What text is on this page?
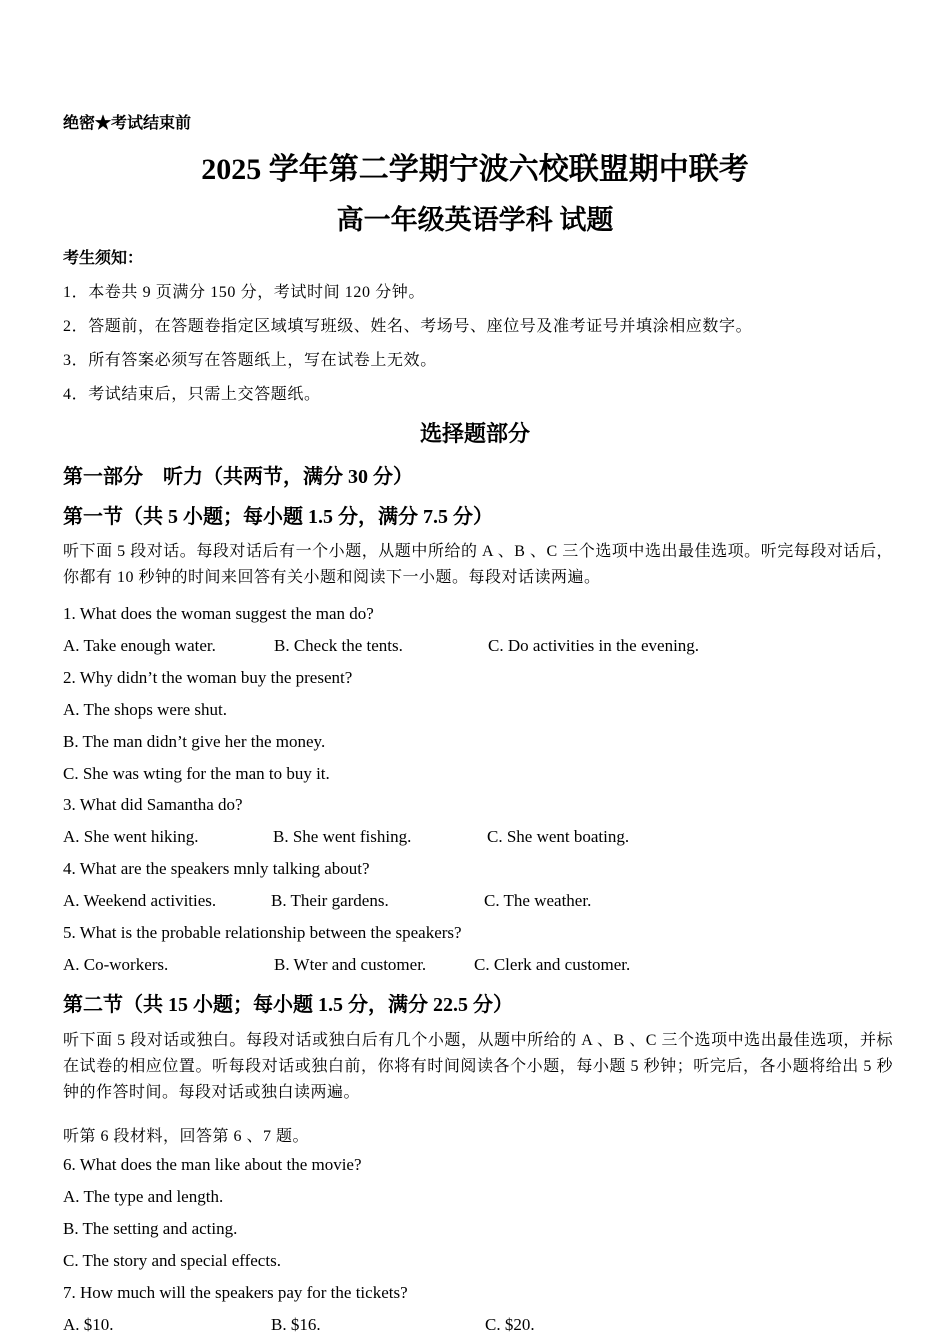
绝密★考试结束前
2025 学年第二学期宁波六校联盟期中联考
高一年级英语学科 试题
考生须知：
1．本卷共 9 页满分 150 分，考试时间 120 分钟。
2．答题前，在答题卷指定区域填写班级、姓名、考场号、座位号及准考证号并填涂相应数字。
3．所有答案必须写在答题纸上，写在试卷上无效。
4．考试结束后，只需上交答题纸。
选择题部分
第一部分　听力（共两节，满分 30 分）
第一节（共 5 小题；每小题 1.5 分，满分 7.5 分）
听下面 5 段对话。每段对话后有一个小题，从题中所给的 A 、B 、C 三个选项中选出最佳选项。听完每段对话后，你都有 10 秒钟的时间来回答有关小题和阅读下一小题。每段对话读两遍。
1. What does the woman suggest the man do?
A. Take enough water.	B. Check the tents.	C. Do activities in the evening.
2. Why didn’t the woman buy the present?
A. The shops were shut.
B. The man didn’t give her the money.
C. She was wting for the man to buy it.
3. What did Samantha do?
A. She went hiking.	B. She went fishing.	C. She went boating.
4. What are the speakers mnly talking about?
A. Weekend activities.	B. Their gardens.	C. The weather.
5. What is the probable relationship between the speakers?
A. Co-workers.	B. Wter and customer.	C. Clerk and customer.
第二节（共 15 小题；每小题 1.5 分，满分 22.5 分）
听下面 5 段对话或独白。每段对话或独白后有几个小题，从题中所给的 A 、B 、C 三个选项中选出最佳选项，并标在试卷的相应位置。听每段对话或独白前，你将有时间阅读各个小题，每小题 5 秒钟；听完后，各小题将给出 5 秒钟的作答时间。每段对话或独白读两遍。
听第 6 段材料，回答第 6 、7 题。
6. What does the man like about the movie?
A. The type and length.
B. The setting and acting.
C. The story and special effects.
7. How much will the speakers pay for the tickets?
A. $10.	B. $16.	C. $20.
